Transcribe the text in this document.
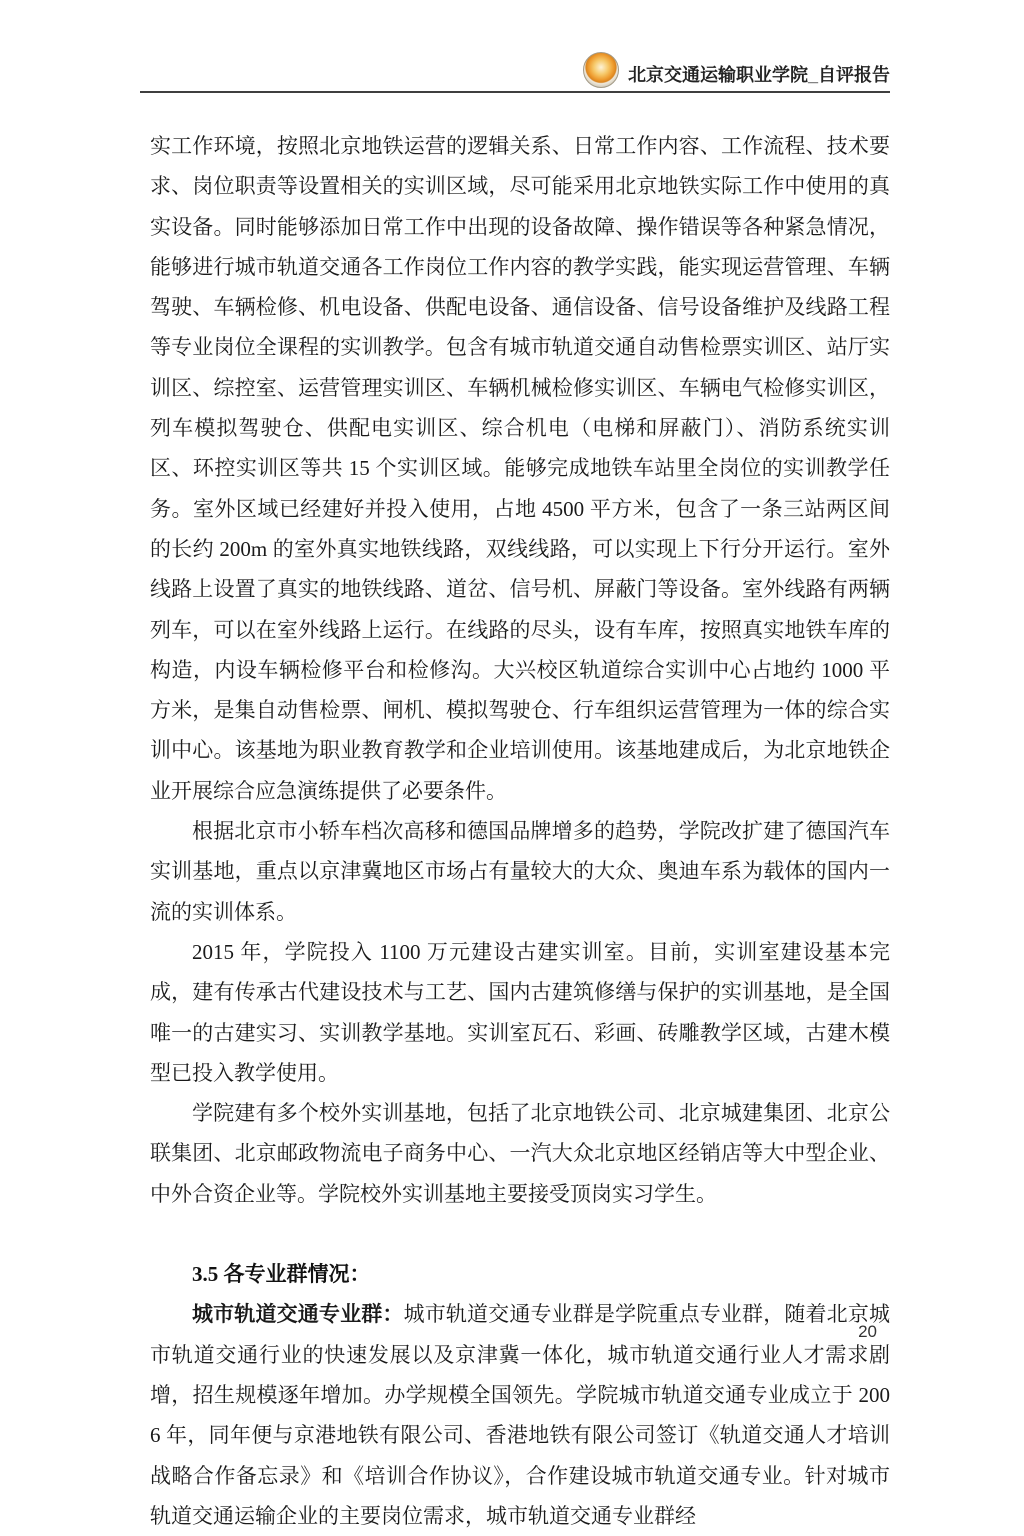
北京交通运输职业学院_自评报告

实工作环境，按照北京地铁运营的逻辑关系、日常工作内容、工作流程、技术要求、岗位职责等设置相关的实训区域，尽可能采用北京地铁实际工作中使用的真实设备。同时能够添加日常工作中出现的设备故障、操作错误等各种紧急情况，能够进行城市轨道交通各工作岗位工作内容的教学实践，能实现运营管理、车辆驾驶、车辆检修、机电设备、供配电设备、通信设备、信号设备维护及线路工程等专业岗位全课程的实训教学。包含有城市轨道交通自动售检票实训区、站厅实训区、综控室、运营管理实训区、车辆机械检修实训区、车辆电气检修实训区，列车模拟驾驶仓、供配电实训区、综合机电（电梯和屏蔽门）、消防系统实训区、环控实训区等共 15 个实训区域。能够完成地铁车站里全岗位的实训教学任务。室外区域已经建好并投入使用，占地 4500 平方米，包含了一条三站两区间的长约 200m 的室外真实地铁线路，双线线路，可以实现上下行分开运行。室外线路上设置了真实的地铁线路、道岔、信号机、屏蔽门等设备。室外线路有两辆列车，可以在室外线路上运行。在线路的尽头，设有车库，按照真实地铁车库的构造，内设车辆检修平台和检修沟。大兴校区轨道综合实训中心占地约 1000 平方米，是集自动售检票、闸机、模拟驾驶仓、行车组织运营管理为一体的综合实训中心。该基地为职业教育教学和企业培训使用。该基地建成后，为北京地铁企业开展综合应急演练提供了必要条件。

根据北京市小轿车档次高移和德国品牌增多的趋势，学院改扩建了德国汽车实训基地，重点以京津冀地区市场占有量较大的大众、奥迪车系为载体的国内一流的实训体系。

2015 年，学院投入 1100 万元建设古建实训室。目前，实训室建设基本完成，建有传承古代建设技术与工艺、国内古建筑修缮与保护的实训基地，是全国唯一的古建实习、实训教学基地。实训室瓦石、彩画、砖雕教学区域，古建木模型已投入教学使用。

学院建有多个校外实训基地，包括了北京地铁公司、北京城建集团、北京公联集团、北京邮政物流电子商务中心、一汽大众北京地区经销店等大中型企业、中外合资企业等。学院校外实训基地主要接受顶岗实习学生。

3.5 各专业群情况：

城市轨道交通专业群：城市轨道交通专业群是学院重点专业群，随着北京城市轨道交通行业的快速发展以及京津冀一体化，城市轨道交通行业人才需求剧增，招生规模逐年增加。办学规模全国领先。学院城市轨道交通专业成立于 2006 年，同年便与京港地铁有限公司、香港地铁有限公司签订《轨道交通人才培训战略合作备忘录》和《培训合作协议》，合作建设城市轨道交通专业。针对城市轨道交通运输企业的主要岗位需求，城市轨道交通专业群经

20
